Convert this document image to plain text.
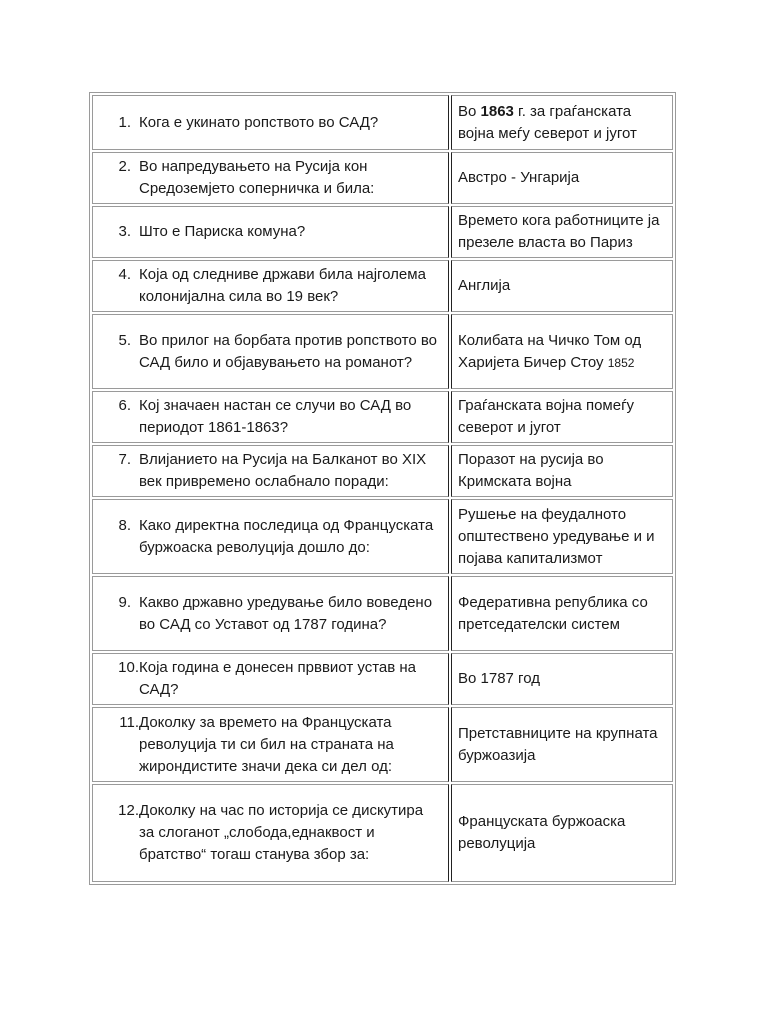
1. Кога е укинато ропството во САД?	Во 1863 г. за граѓанската војна меѓу северот и југот

2. Во напредувањето на Русија кон Средоземјето соперничка и била:	Австро - Унгарија

3. Што е Париска комуна?	Времето кога работниците ја презеле власта во Париз

4. Која од следниве држави била најголема колонијална сила во 19 век?	Англија

5. Во прилог на борбата против ропството во САД било и објавувањето на романот?	Колибата на Чичко Том од Харијета Бичер Стоу 1852

6. Кој значаен настан се случи во САД во периодот 1861-1863?	Граѓанската војна помеѓу северот и југот

7. Влијанието на Русија на Балканот во XIX век привремено ослабнало поради:	Поразот на русија во Кримската војна

8. Како директна последица од Француската буржоаска револуција дошло до:	Рушење на феудалното општествено уредување и и појава капитализмот

9. Какво државно уредување било воведено во САД со Уставот од 1787 година?	Федеративна република со претседателски систем

10. Која година е донесен прввиот устав на САД?	Во 1787 год

11. Доколку за времето на Француската револуција ти си бил на страната на жирондистите значи дека си дел од:	Претставниците на крупната буржоазија

12. Доколку на час по историја се дискутира за слоганот „слобода,еднаквост и братство“ тогаш станува збор за:	Француската буржоаска револуција
